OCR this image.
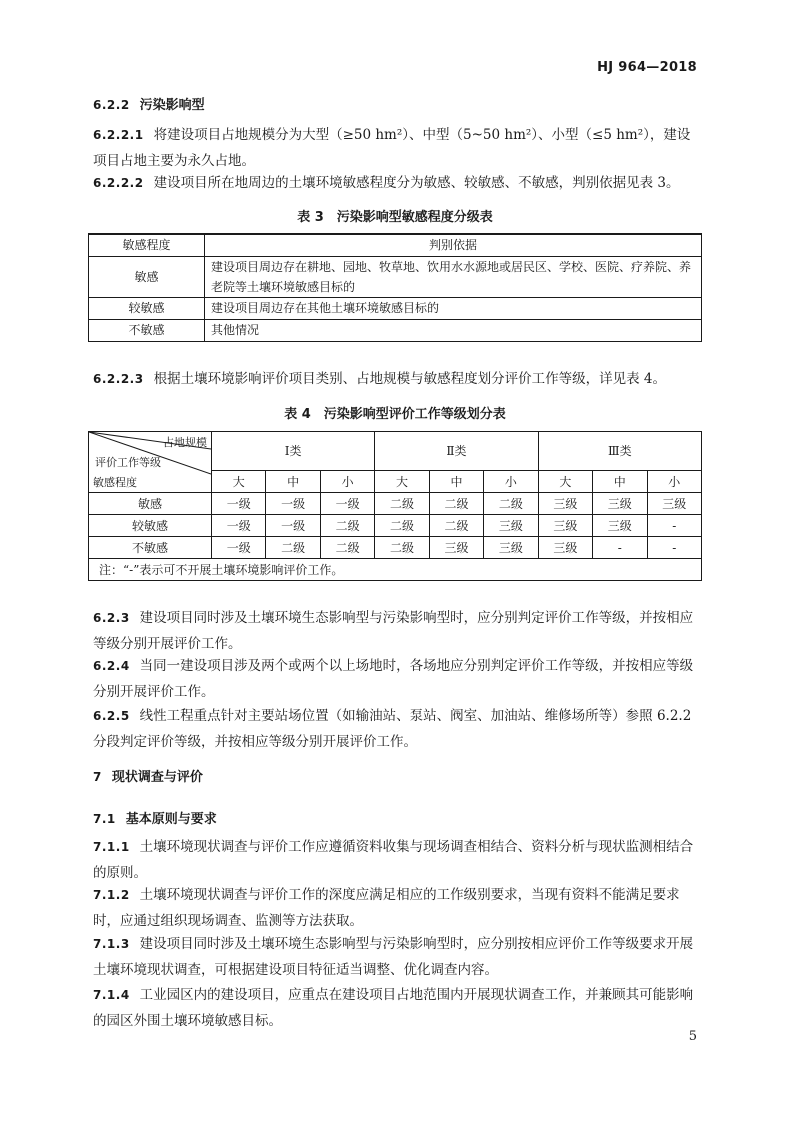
HJ 964—2018
6.2.2 污染影响型
6.2.2.1 将建设项目占地规模分为大型（≥50 hm²）、中型（5~50 hm²）、小型（≤5 hm²），建设项目占地主要为永久占地。
6.2.2.2 建设项目所在地周边的土壤环境敏感程度分为敏感、较敏感、不敏感，判别依据见表 3。
表 3　污染影响型敏感程度分级表
敏感程度	判别依据
敏感	建设项目周边存在耕地、园地、牧草地、饮用水水源地或居民区、学校、医院、疗养院、养老院等土壤环境敏感目标的
较敏感	建设项目周边存在其他土壤环境敏感目标的
不敏感	其他情况
6.2.2.3 根据土壤环境影响评价项目类别、占地规模与敏感程度划分评价工作等级，详见表 4。
表 4　污染影响型评价工作等级划分表
占地规模
评价工作等级
敏感程度	Ⅰ类			Ⅱ类			Ⅲ类		
	大	中	小	大	中	小	大	中	小
敏感	一级	一级	一级	二级	二级	二级	三级	三级	三级
较敏感	一级	一级	二级	二级	二级	三级	三级	三级	-
不敏感	一级	二级	二级	二级	三级	三级	三级	-	-
注：“-”表示可不开展土壤环境影响评价工作。									
6.2.3 建设项目同时涉及土壤环境生态影响型与污染影响型时，应分别判定评价工作等级，并按相应等级分别开展评价工作。
6.2.4 当同一建设项目涉及两个或两个以上场地时，各场地应分别判定评价工作等级，并按相应等级分别开展评价工作。
6.2.5 线性工程重点针对主要站场位置（如输油站、泵站、阀室、加油站、维修场所等）参照 6.2.2 分段判定评价等级，并按相应等级分别开展评价工作。
7 现状调查与评价
7.1 基本原则与要求
7.1.1 土壤环境现状调查与评价工作应遵循资料收集与现场调查相结合、资料分析与现状监测相结合的原则。
7.1.2 土壤环境现状调查与评价工作的深度应满足相应的工作级别要求，当现有资料不能满足要求时，应通过组织现场调查、监测等方法获取。
7.1.3 建设项目同时涉及土壤环境生态影响型与污染影响型时，应分别按相应评价工作等级要求开展土壤环境现状调查，可根据建设项目特征适当调整、优化调查内容。
7.1.4 工业园区内的建设项目，应重点在建设项目占地范围内开展现状调查工作，并兼顾其可能影响的园区外围土壤环境敏感目标。
5
